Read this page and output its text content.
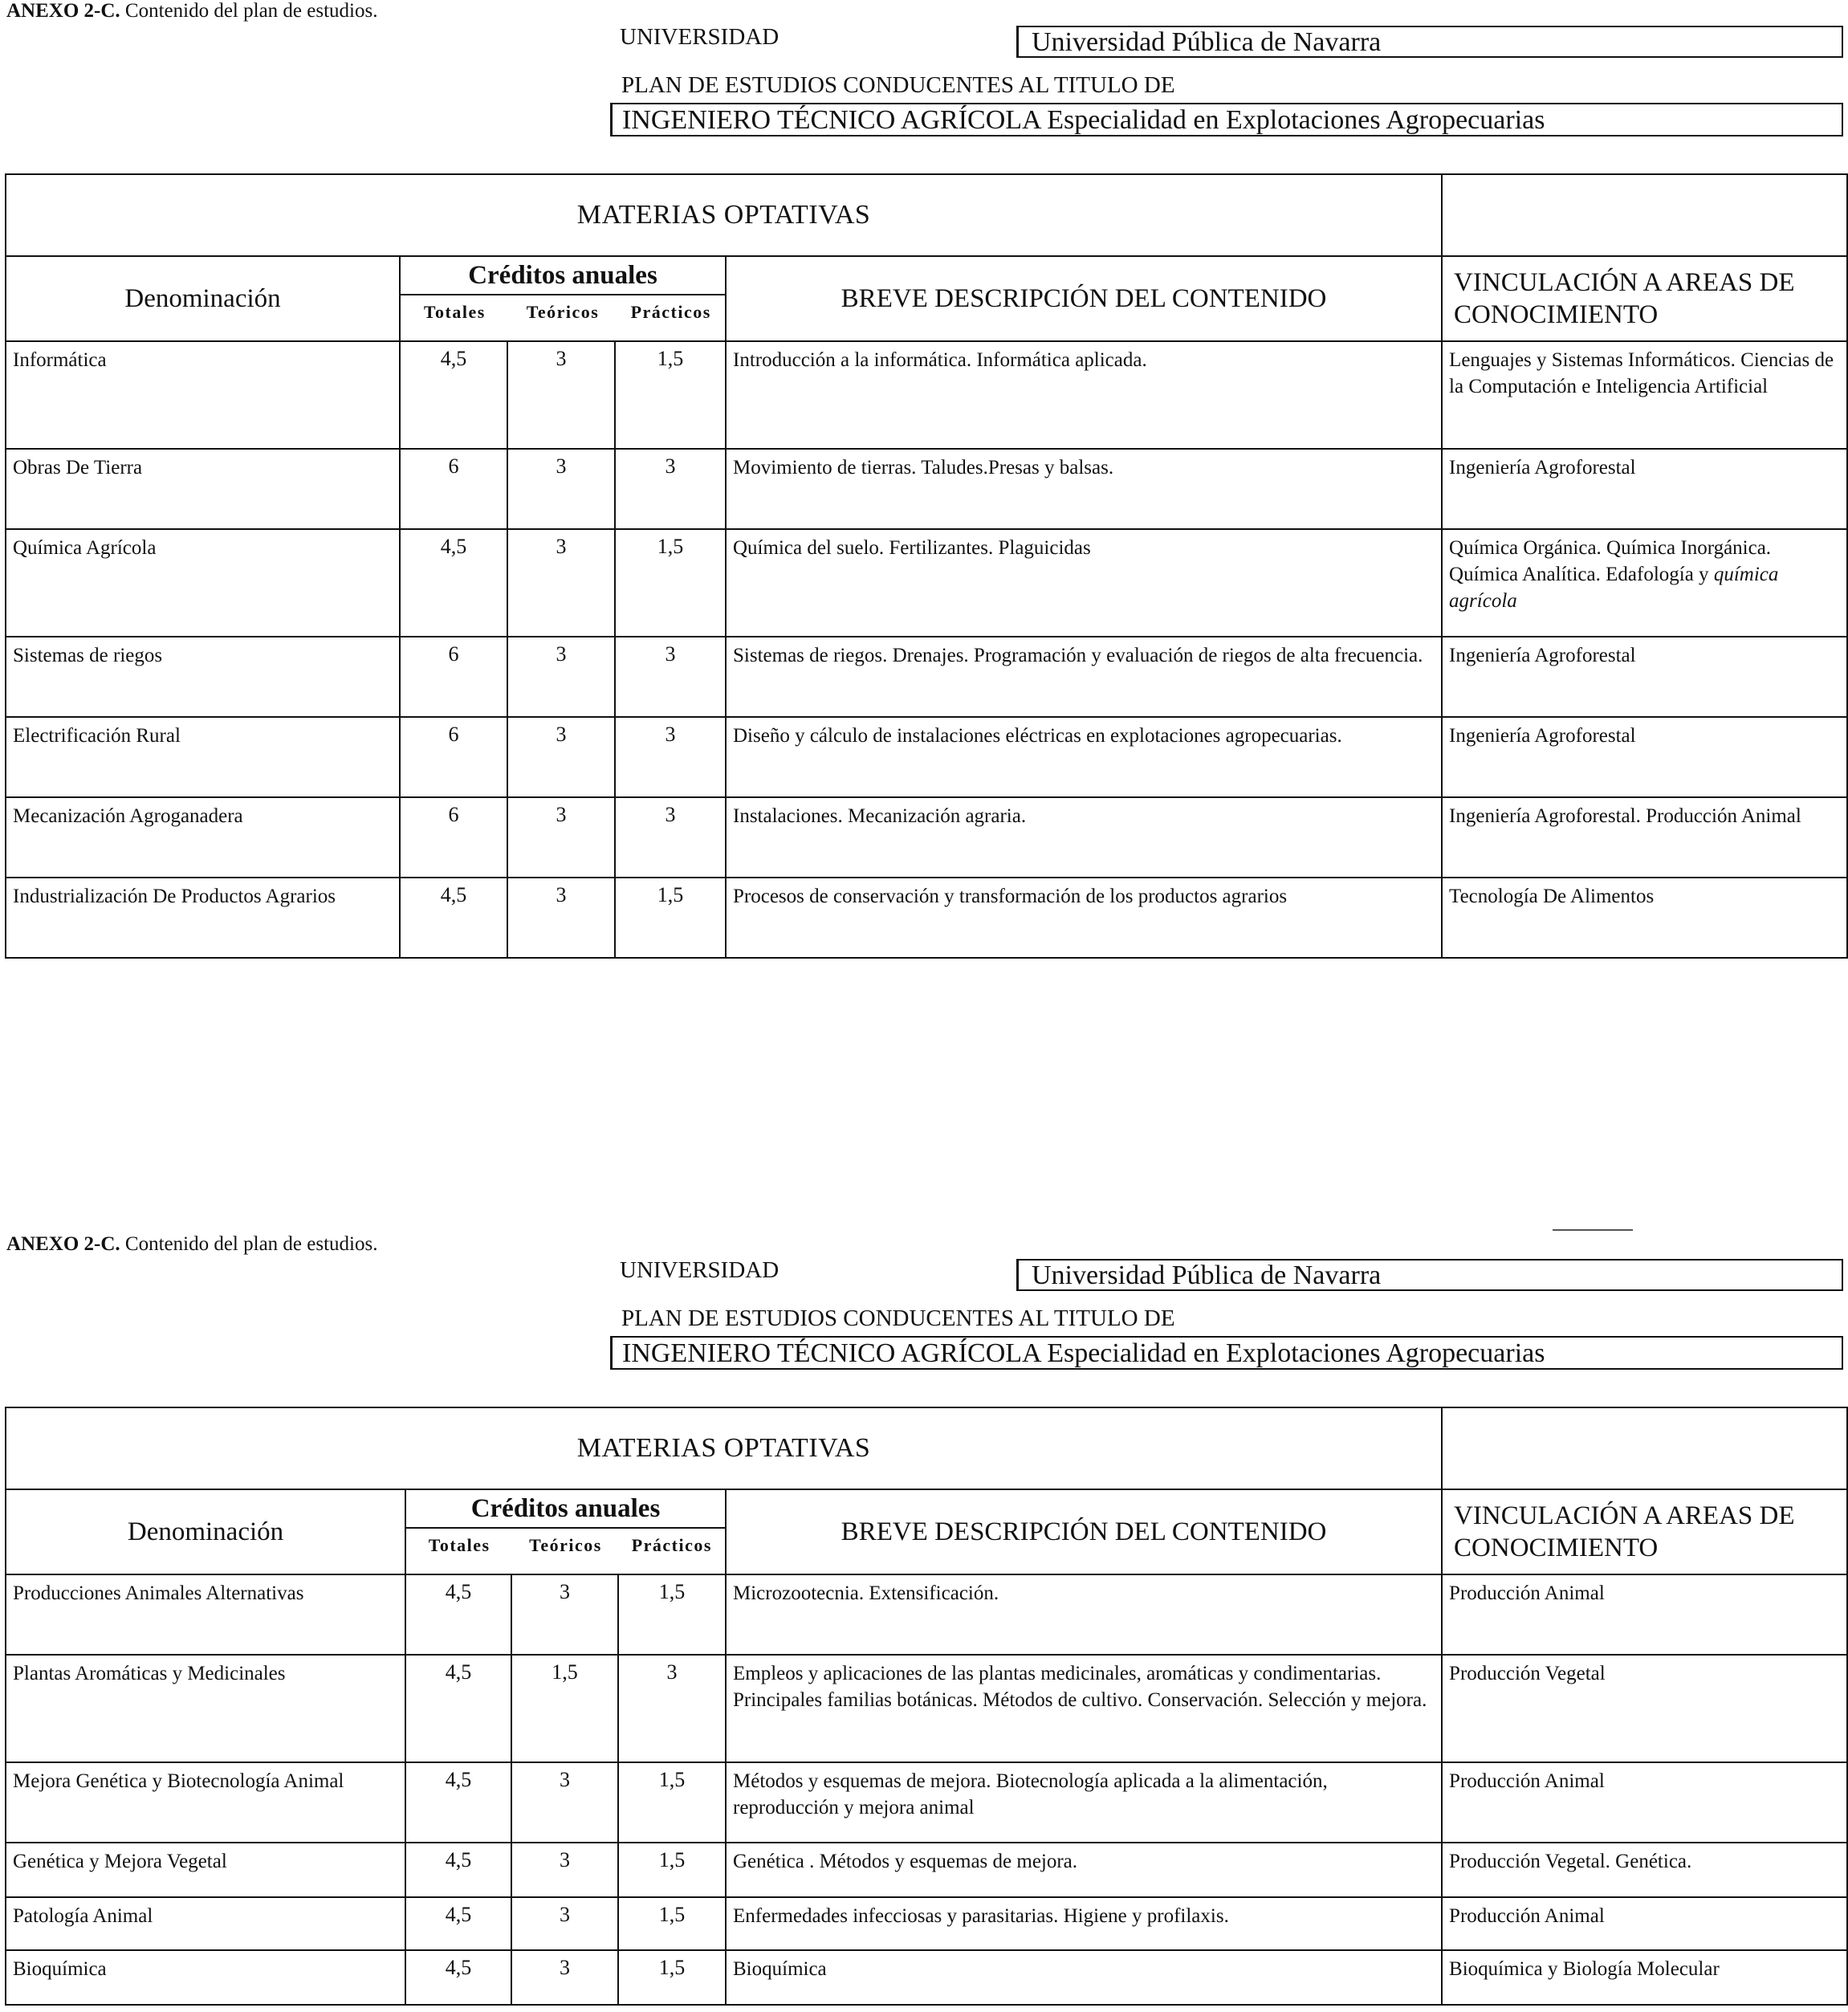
ANEXO 2-C. Contenido del plan de estudios.
UNIVERSIDAD	Universidad Pública de Navarra
PLAN DE ESTUDIOS CONDUCENTES AL TITULO DE
INGENIERO TÉCNICO AGRÍCOLA Especialidad en Explotaciones Agropecuarias
MATERIAS OPTATIVAS					
Denominación	Créditos anuales
Totales Teóricos Prácticos			BREVE DESCRIPCIÓN DEL CONTENIDO	VINCULACIÓN A AREAS DE CONOCIMIENTO
Informática	4,5	3	1,5	Introducción a la informática. Informática aplicada.	Lenguajes y Sistemas Informáticos. Ciencias de la Computación e Inteligencia Artificial
Obras De Tierra	6	3	3	Movimiento de tierras. Taludes.Presas y balsas.	Ingeniería Agroforestal
Química Agrícola	4,5	3	1,5	Química del suelo. Fertilizantes. Plaguicidas	Química Orgánica. Química Inorgánica. Química Analítica. Edafología y química agrícola
Sistemas de riegos	6	3	3	Sistemas de riegos. Drenajes. Programación y evaluación de riegos de alta frecuencia.	Ingeniería Agroforestal
Electrificación Rural	6	3	3	Diseño y cálculo de instalaciones eléctricas en explotaciones agropecuarias.	Ingeniería Agroforestal
Mecanización Agroganadera	6	3	3	Instalaciones. Mecanización agraria.	Ingeniería Agroforestal. Producción Animal
Industrialización De Productos Agrarios	4,5	3	1,5	Procesos de conservación y transformación de los productos agrarios	Tecnología De Alimentos
ANEXO 2-C. Contenido del plan de estudios.
UNIVERSIDAD	Universidad Pública de Navarra
PLAN DE ESTUDIOS CONDUCENTES AL TITULO DE
INGENIERO TÉCNICO AGRÍCOLA Especialidad en Explotaciones Agropecuarias
MATERIAS OPTATIVAS					
Denominación	Créditos anuales
Totales Teóricos Prácticos			BREVE DESCRIPCIÓN DEL CONTENIDO	VINCULACIÓN A AREAS DE CONOCIMIENTO
Producciones Animales Alternativas	4,5	3	1,5	Microzootecnia. Extensificación.	Producción Animal
Plantas Aromáticas y Medicinales	4,5	1,5	3	Empleos y aplicaciones de las plantas medicinales, aromáticas y condimentarias. Principales familias botánicas. Métodos de cultivo. Conservación. Selección y mejora.	Producción Vegetal
Mejora Genética y Biotecnología Animal	4,5	3	1,5	Métodos y esquemas de mejora. Biotecnología aplicada a la alimentación, reproducción y mejora animal	Producción Animal
Genética y Mejora Vegetal	4,5	3	1,5	Genética . Métodos y esquemas de mejora.	Producción Vegetal. Genética.
Patología Animal	4,5	3	1,5	Enfermedades infecciosas y parasitarias. Higiene y profilaxis.	Producción Animal
Bioquímica	4,5	3	1,5	Bioquímica	Bioquímica y Biología Molecular
